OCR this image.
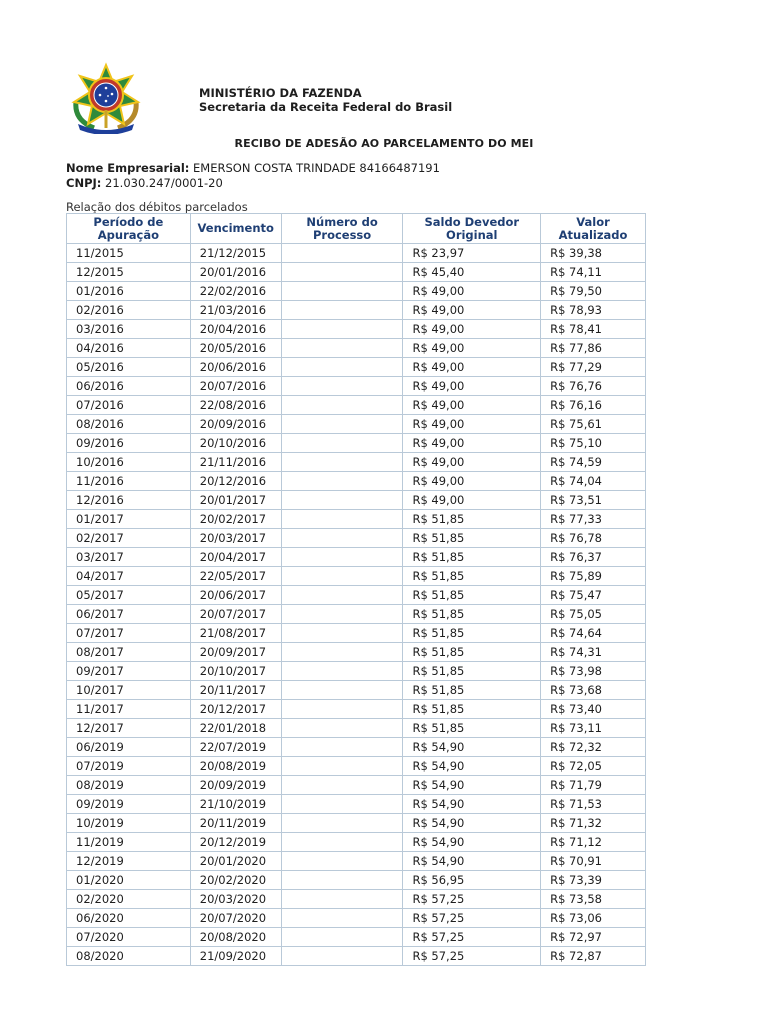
MINISTÉRIO DA FAZENDA
Secretaria da Receita Federal do Brasil
RECIBO DE ADESÃO AO PARCELAMENTO DO MEI
Nome Empresarial: EMERSON COSTA TRINDADE 84166487191
CNPJ: 21.030.247/0001-20
Relação dos débitos parcelados
Período de Apuração	Vencimento	Número do Processo	Saldo Devedor Original	Valor Atualizado
11/2015	21/12/2015		R$ 23,97	R$ 39,38
12/2015	20/01/2016		R$ 45,40	R$ 74,11
01/2016	22/02/2016		R$ 49,00	R$ 79,50
02/2016	21/03/2016		R$ 49,00	R$ 78,93
03/2016	20/04/2016		R$ 49,00	R$ 78,41
04/2016	20/05/2016		R$ 49,00	R$ 77,86
05/2016	20/06/2016		R$ 49,00	R$ 77,29
06/2016	20/07/2016		R$ 49,00	R$ 76,76
07/2016	22/08/2016		R$ 49,00	R$ 76,16
08/2016	20/09/2016		R$ 49,00	R$ 75,61
09/2016	20/10/2016		R$ 49,00	R$ 75,10
10/2016	21/11/2016		R$ 49,00	R$ 74,59
11/2016	20/12/2016		R$ 49,00	R$ 74,04
12/2016	20/01/2017		R$ 49,00	R$ 73,51
01/2017	20/02/2017		R$ 51,85	R$ 77,33
02/2017	20/03/2017		R$ 51,85	R$ 76,78
03/2017	20/04/2017		R$ 51,85	R$ 76,37
04/2017	22/05/2017		R$ 51,85	R$ 75,89
05/2017	20/06/2017		R$ 51,85	R$ 75,47
06/2017	20/07/2017		R$ 51,85	R$ 75,05
07/2017	21/08/2017		R$ 51,85	R$ 74,64
08/2017	20/09/2017		R$ 51,85	R$ 74,31
09/2017	20/10/2017		R$ 51,85	R$ 73,98
10/2017	20/11/2017		R$ 51,85	R$ 73,68
11/2017	20/12/2017		R$ 51,85	R$ 73,40
12/2017	22/01/2018		R$ 51,85	R$ 73,11
06/2019	22/07/2019		R$ 54,90	R$ 72,32
07/2019	20/08/2019		R$ 54,90	R$ 72,05
08/2019	20/09/2019		R$ 54,90	R$ 71,79
09/2019	21/10/2019		R$ 54,90	R$ 71,53
10/2019	20/11/2019		R$ 54,90	R$ 71,32
11/2019	20/12/2019		R$ 54,90	R$ 71,12
12/2019	20/01/2020		R$ 54,90	R$ 70,91
01/2020	20/02/2020		R$ 56,95	R$ 73,39
02/2020	20/03/2020		R$ 57,25	R$ 73,58
06/2020	20/07/2020		R$ 57,25	R$ 73,06
07/2020	20/08/2020		R$ 57,25	R$ 72,97
08/2020	21/09/2020		R$ 57,25	R$ 72,87
